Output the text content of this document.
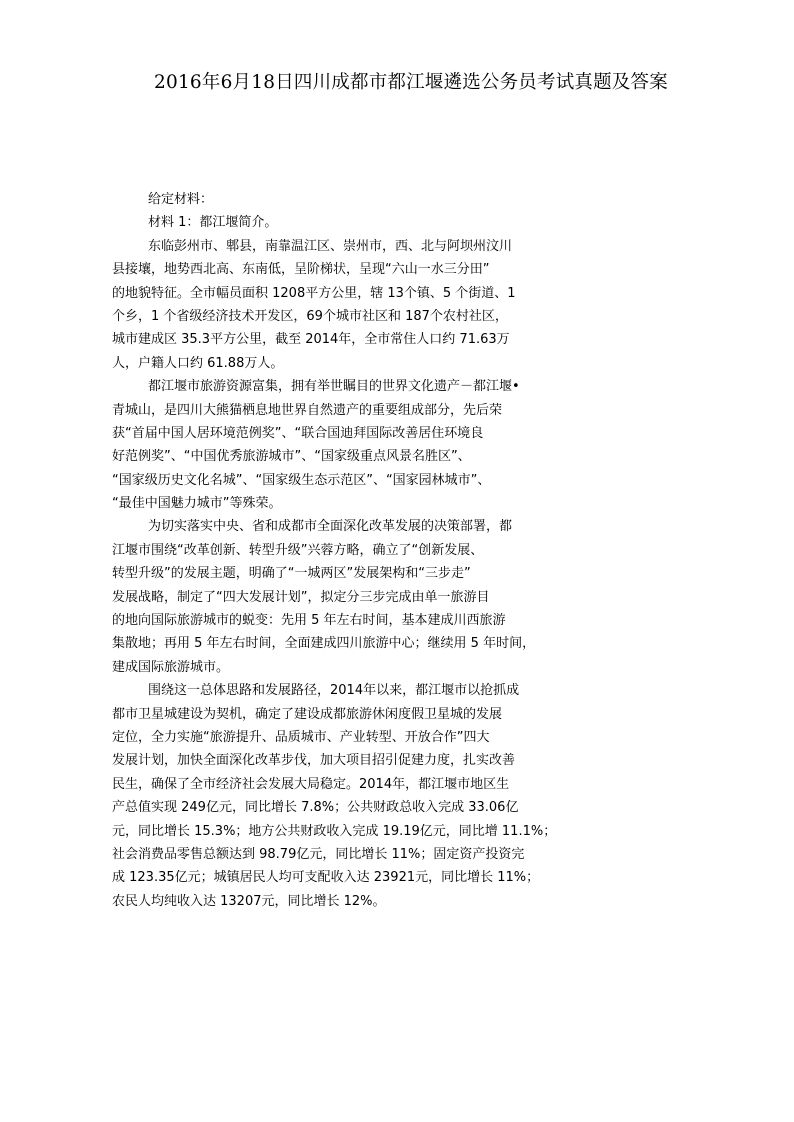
2016年6月18日四川成都市都江堰遴选公务员考试真题及答案
给定材料：
材料 1：都江堰简介。
东临彭州市、郫县，南靠温江区、崇州市，西、北与阿坝州汶川
县接壤，地势西北高、东南低，呈阶梯状，呈现“六山一水三分田”
的地貌特征。全市幅员面积 1208平方公里，辖 13个镇、5 个街道、1
个乡，1 个省级经济技术开发区，69个城市社区和 187个农村社区，
城市建成区 35.3平方公里，截至 2014年，全市常住人口约 71.63万
人，户籍人口约 61.88万人。
都江堰市旅游资源富集，拥有举世瞩目的世界文化遗产－都江堰•
青城山，是四川大熊猫栖息地世界自然遗产的重要组成部分，先后荣
获“首届中国人居环境范例奖”、“联合国迪拜国际改善居住环境良
好范例奖”、“中国优秀旅游城市”、“国家级重点风景名胜区”、
“国家级历史文化名城”、“国家级生态示范区”、“国家园林城市”、
“最佳中国魅力城市”等殊荣。
为切实落实中央、省和成都市全面深化改革发展的决策部署，都
江堰市围绕“改革创新、转型升级”兴蓉方略，确立了“创新发展、
转型升级”的发展主题，明确了“一城两区”发展架构和“三步走”
发展战略，制定了“四大发展计划”，拟定分三步完成由单一旅游目
的地向国际旅游城市的蜕变：先用 5 年左右时间，基本建成川西旅游
集散地；再用 5 年左右时间，全面建成四川旅游中心；继续用 5 年时间，
建成国际旅游城市。
围绕这一总体思路和发展路径，2014年以来，都江堰市以抢抓成
都市卫星城建设为契机，确定了建设成都旅游休闲度假卫星城的发展
定位，全力实施“旅游提升、品质城市、产业转型、开放合作”四大
发展计划，加快全面深化改革步伐，加大项目招引促建力度，扎实改善
民生，确保了全市经济社会发展大局稳定。2014年，都江堰市地区生
产总值实现 249亿元，同比增长 7.8%；公共财政总收入完成 33.06亿
元，同比增长 15.3%；地方公共财政收入完成 19.19亿元，同比增 11.1%；
社会消费品零售总额达到 98.79亿元，同比增长 11%；固定资产投资完
成 123.35亿元；城镇居民人均可支配收入达 23921元，同比增长 11%；
农民人均纯收入达 13207元，同比增长 12%。
